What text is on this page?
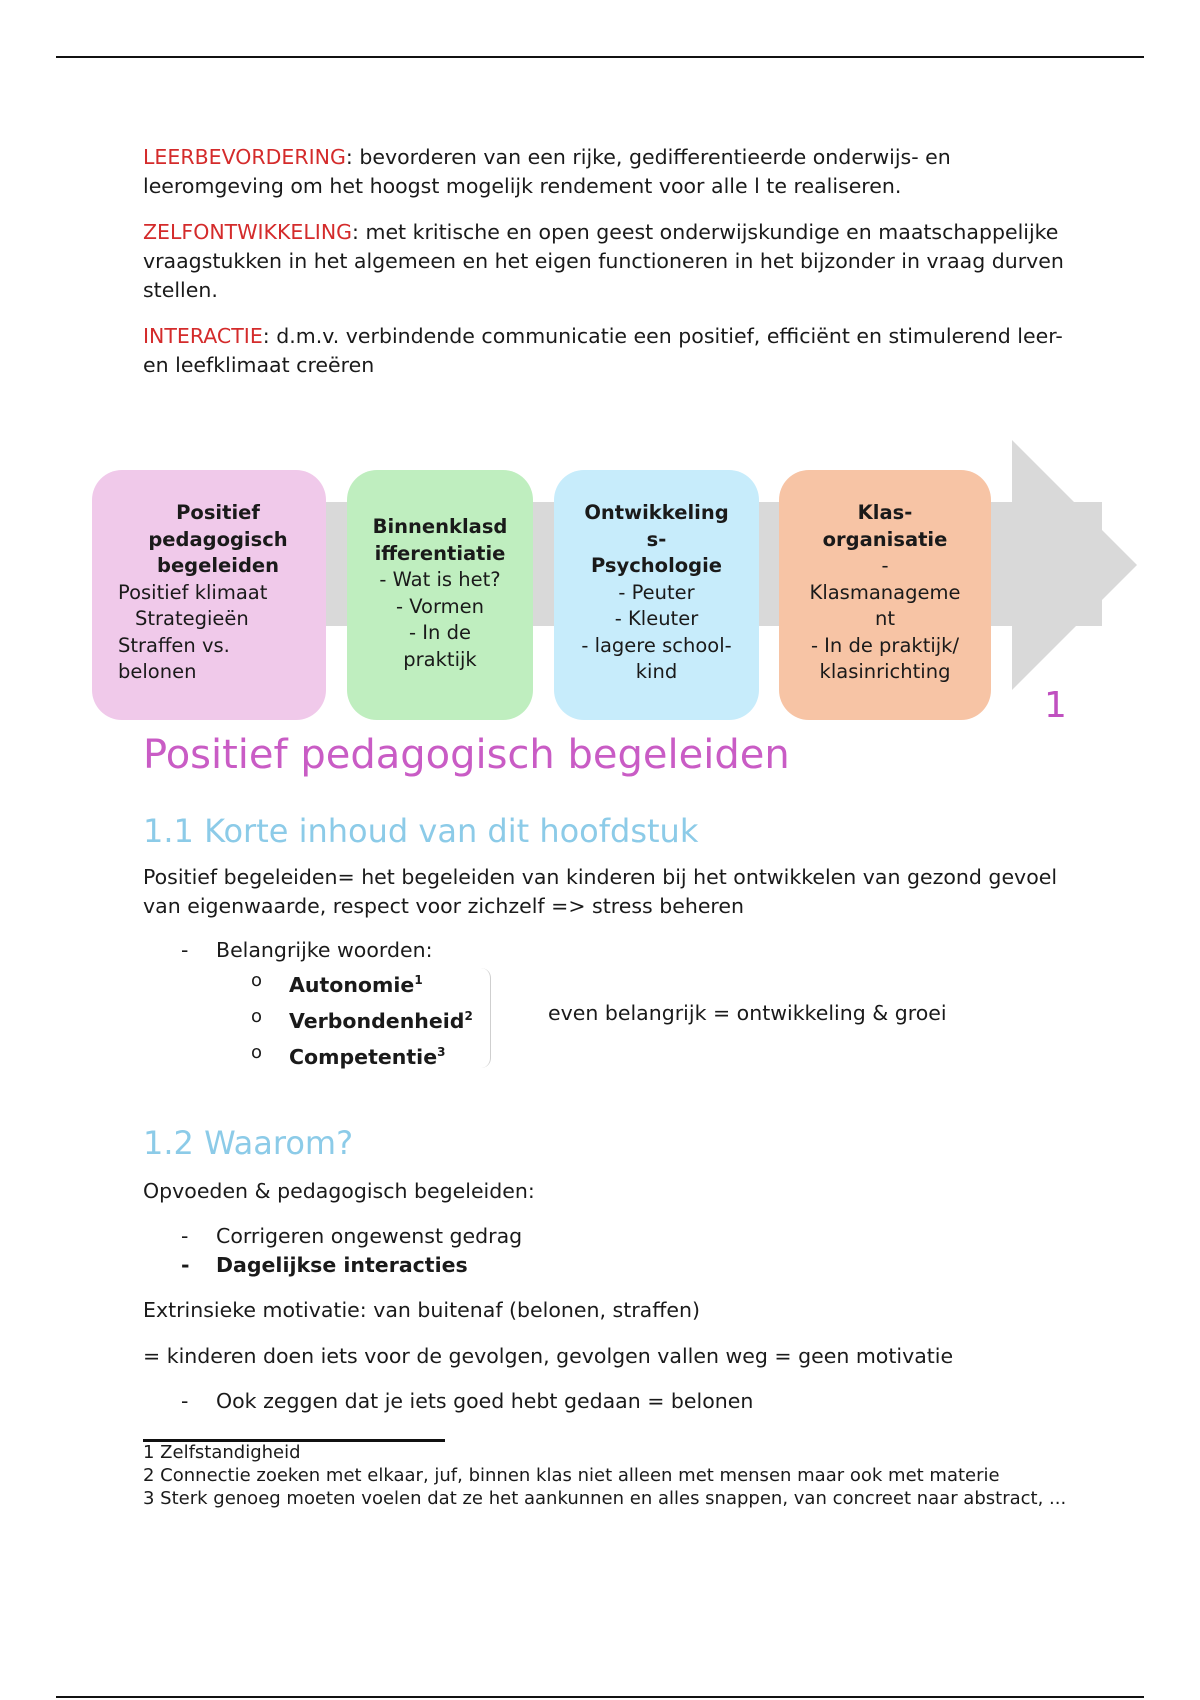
LEERBEVORDERING: bevorderen van een rijke, gedifferentieerde onderwijs- en leeromgeving om het hoogst mogelijk rendement voor alle l te realiseren.

ZELFONTWIKKELING: met kritische en open geest onderwijskundige en maatschappelijke vraagstukken in het algemeen en het eigen functioneren in het bijzonder in vraag durven stellen.

INTERACTIE: d.m.v. verbindende communicatie een positief, efficiënt en stimulerend leer- en leefklimaat creëren

Positief
pedagogisch
begeleiden
Positief klimaat
Strategieën
Straffen vs.
belonen
Binnenklasd
ifferentiatie
- Wat is het?
- Vormen
- In de
praktijk
Ontwikkeling
s-
Psychologie
- Peuter
- Kleuter
- lagere school-
kind
Klas-
organisatie
-
Klasmanageme
nt
- In de praktijk/
klasinrichting
1
Positief pedagogisch begeleiden
1.1 Korte inhoud van dit hoofdstuk

Positief begeleiden= het begeleiden van kinderen bij het ontwikkelen van gezond gevoel van eigenwaarde, respect voor zichzelf => stress beheren

- Belangrijke woorden:
o Autonomie$^1$
o Verbondenheid$^2$
o Competentie$^3$
even belangrijk = ontwikkeling & groei
1.2 Waarom?

Opvoeden & pedagogisch begeleiden:

- Corrigeren ongewenst gedrag
- Dagelijkse interacties

Extrinsieke motivatie: van buitenaf (belonen, straffen)

= kinderen doen iets voor de gevolgen, gevolgen vallen weg = geen motivatie

- Ook zeggen dat je iets goed hebt gedaan = belonen
1 Zelfstandigheid
2 Connectie zoeken met elkaar, juf, binnen klas niet alleen met mensen maar ook met materie
3 Sterk genoeg moeten voelen dat ze het aankunnen en alles snappen, van concreet naar abstract, ...
